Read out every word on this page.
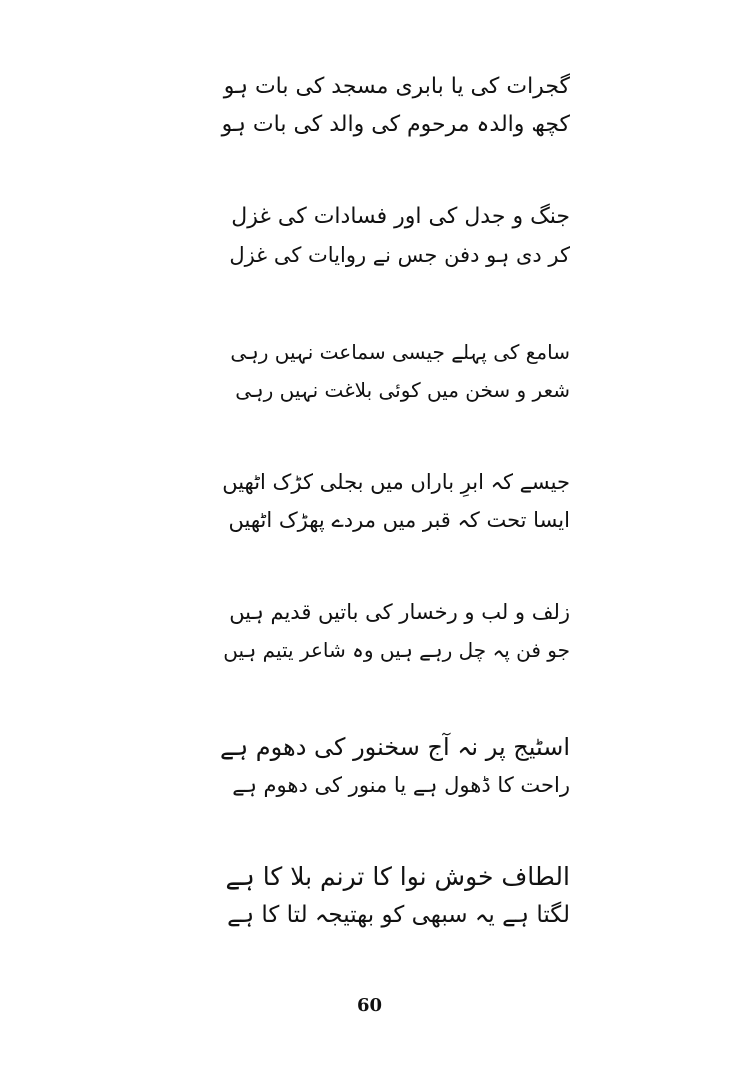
گجرات کی یا بابری مسجد کی بات ہو
کچھ والدہ مرحوم کی والد کی بات ہو
جنگ و جدل کی اور فسادات کی غزل
کر دی ہو دفن جس نے روایات کی غزل
سامع کی پہلے جیسی سماعت نہیں رہی
شعر و سخن میں کوئی بلاغت نہیں رہی
جیسے کہ ابرِ باراں میں بجلی کڑک اٹھیں
ایسا تحت کہ قبر میں مردے پھڑک اٹھیں
زلف و لب و رخسار کی باتیں قدیم ہیں
جو فن پہ چل رہے ہیں وہ شاعر یتیم ہیں
اسٹیج پر نہ آج سخنور کی دھوم ہے
راحت کا ڈھول ہے یا منور کی دھوم ہے
الطاف خوش نوا کا ترنم بلا کا ہے
لگتا ہے یہ سبھی کو بھتیجہ لتا کا ہے
60
